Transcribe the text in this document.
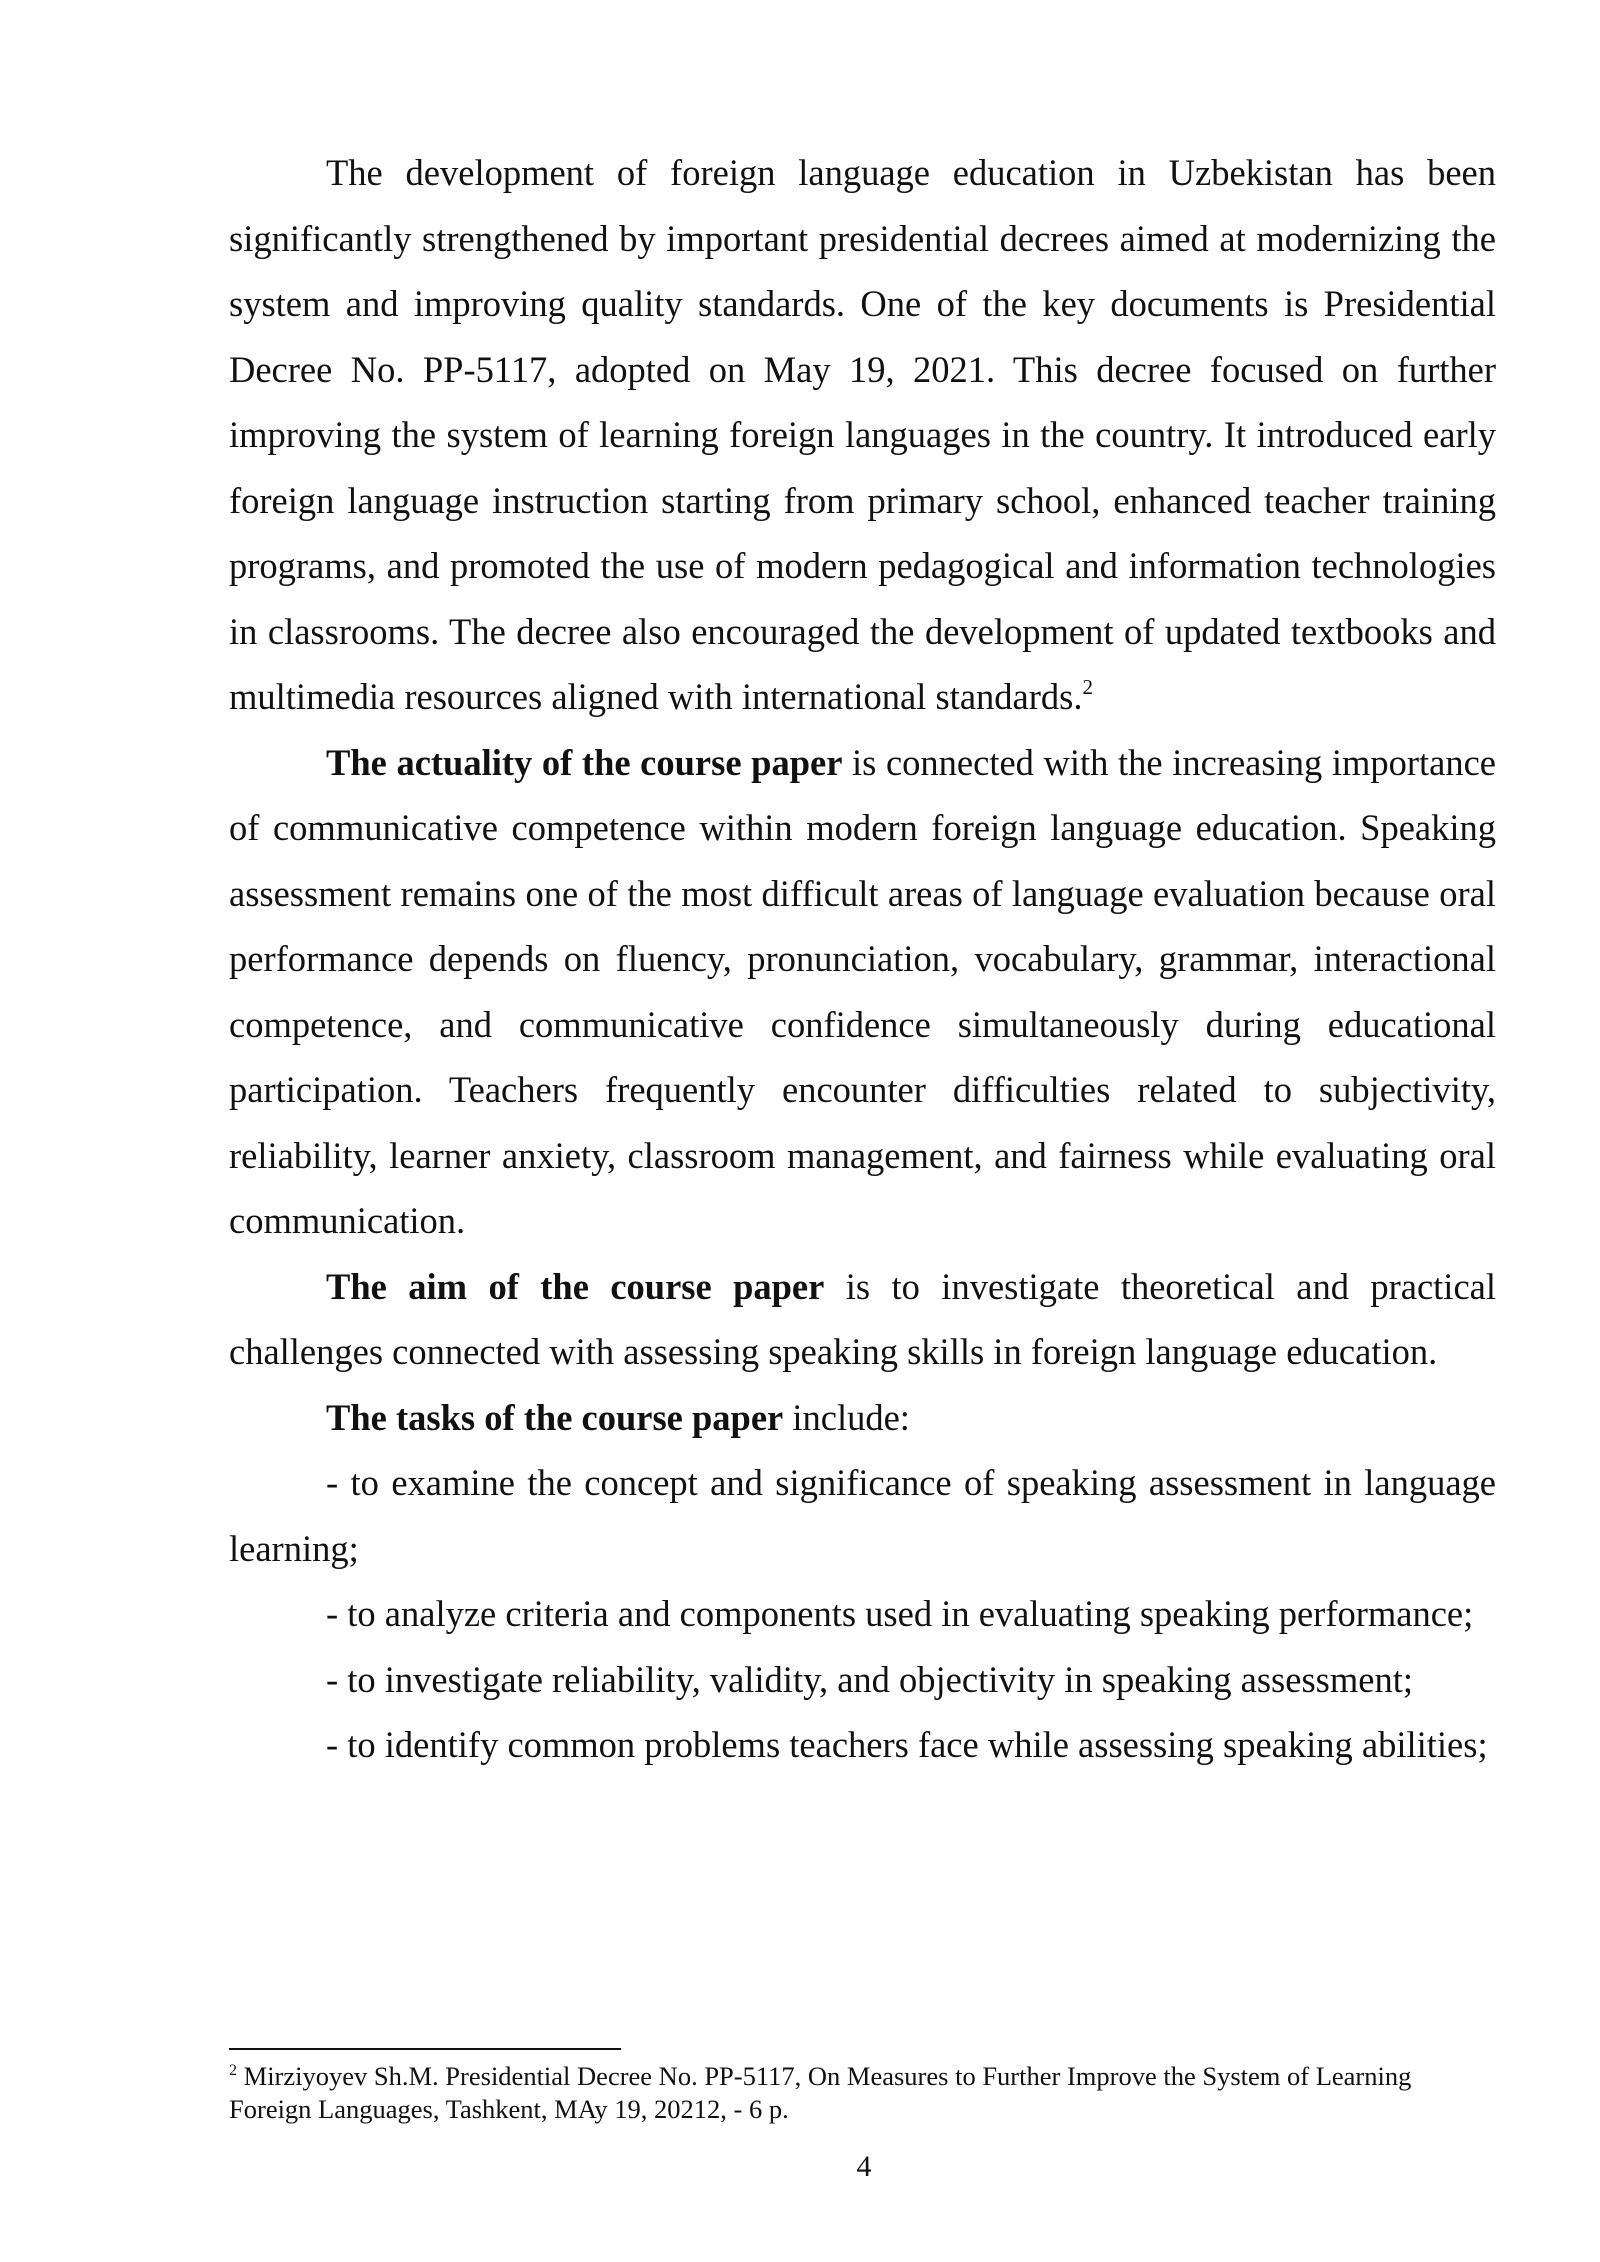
The development of foreign language education in Uzbekistan has been significantly strengthened by important presidential decrees aimed at modernizing the system and improving quality standards. One of the key documents is Presidential Decree No. PP-5117, adopted on May 19, 2021. This decree focused on further improving the system of learning foreign languages in the country. It introduced early foreign language instruction starting from primary school, enhanced teacher training programs, and promoted the use of modern pedagogical and information technologies in classrooms. The decree also encouraged the development of updated textbooks and multimedia resources aligned with international standards.$^2$

The actuality of the course paper is connected with the increasing importance of communicative competence within modern foreign language education. Speaking assessment remains one of the most difficult areas of language evaluation because oral performance depends on fluency, pronunciation, vocabulary, grammar, interactional competence, and communicative confidence simultaneously during educational participation. Teachers frequently encounter difficulties related to subjectivity, reliability, learner anxiety, classroom management, and fairness while evaluating oral communication.

The aim of the course paper is to investigate theoretical and practical challenges connected with assessing speaking skills in foreign language education.

The tasks of the course paper include:

- to examine the concept and significance of speaking assessment in language learning;

- to analyze criteria and components used in evaluating speaking performance;

- to investigate reliability, validity, and objectivity in speaking assessment;

- to identify common problems teachers face while assessing speaking abilities;

$^2$ Mirziyoyev Sh.M. Presidential Decree No. PP-5117, On Measures to Further Improve the System of Learning Foreign Languages, Tashkent, MAy 19, 20212, - 6 p.

4
